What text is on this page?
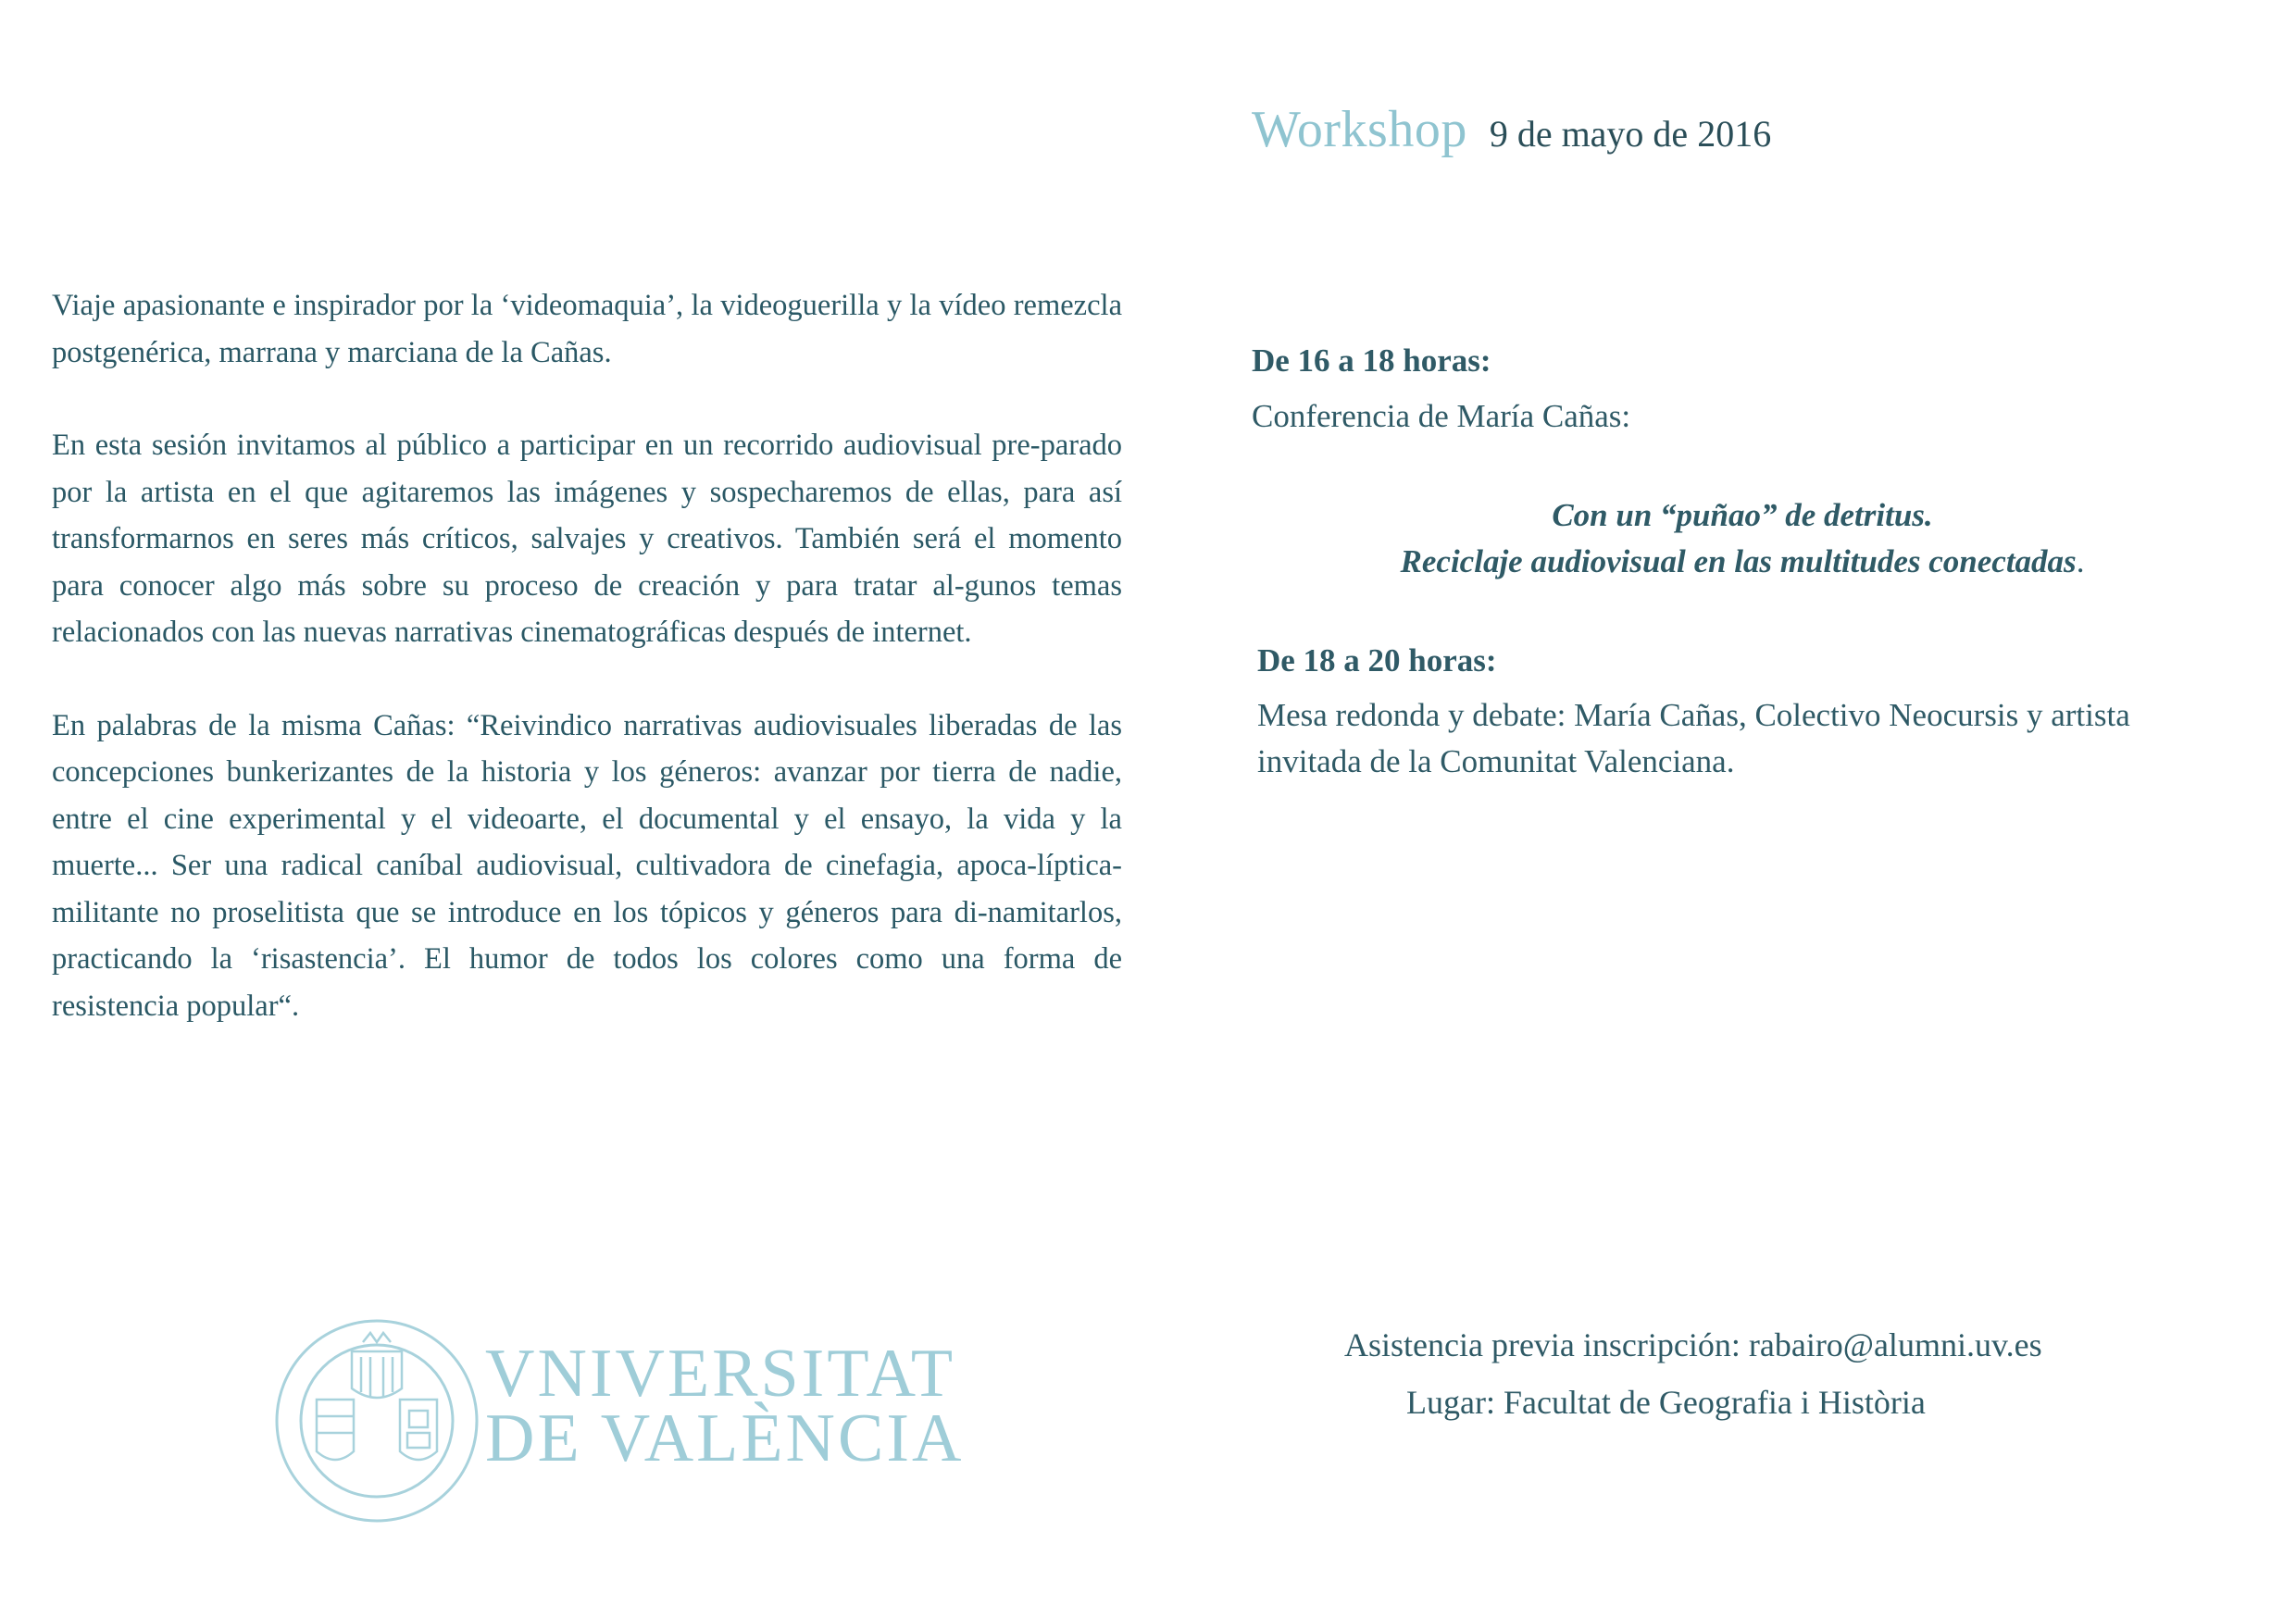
Workshop 9 de mayo de 2016

Viaje apasionante e inspirador por la ‘videomaquia’, la videoguerilla y la vídeo remezcla postgenérica, marrana y marciana de la Cañas.

En esta sesión invitamos al público a participar en un recorrido audiovisual pre-parado por la artista en el que agitaremos las imágenes y sospecharemos de ellas, para así transformarnos en seres más críticos, salvajes y creativos. También será el momento para conocer algo más sobre su proceso de creación y para tratar al-gunos temas relacionados con las nuevas narrativas cinematográficas después de internet.

En palabras de la misma Cañas: “Reivindico narrativas audiovisuales liberadas de las concepciones bunkerizantes de la historia y los géneros: avanzar por tierra de nadie, entre el cine experimental y el videoarte, el documental y el ensayo, la vida y la muerte... Ser una radical caníbal audiovisual, cultivadora de cinefagia, apoca-líptica-militante no proselitista que se introduce en los tópicos y géneros para di-namitarlos, practicando la ‘risastencia’. El humor de todos los colores como una forma de resistencia popular“.

De 16 a 18 horas:

Conferencia de María Cañas:

Con un “puñao” de detritus.
Reciclaje audiovisual en las multitudes conectadas.

De 18 a 20 horas:

Mesa redonda y debate: María Cañas, Colectivo Neocursis y artista invitada de la Comunitat Valenciana.

VNIVERSITAT
DE VALÈNCIA
Asistencia previa inscripción: rabairo@alumni.uv.es
Lugar: Facultat de Geografia i Història
